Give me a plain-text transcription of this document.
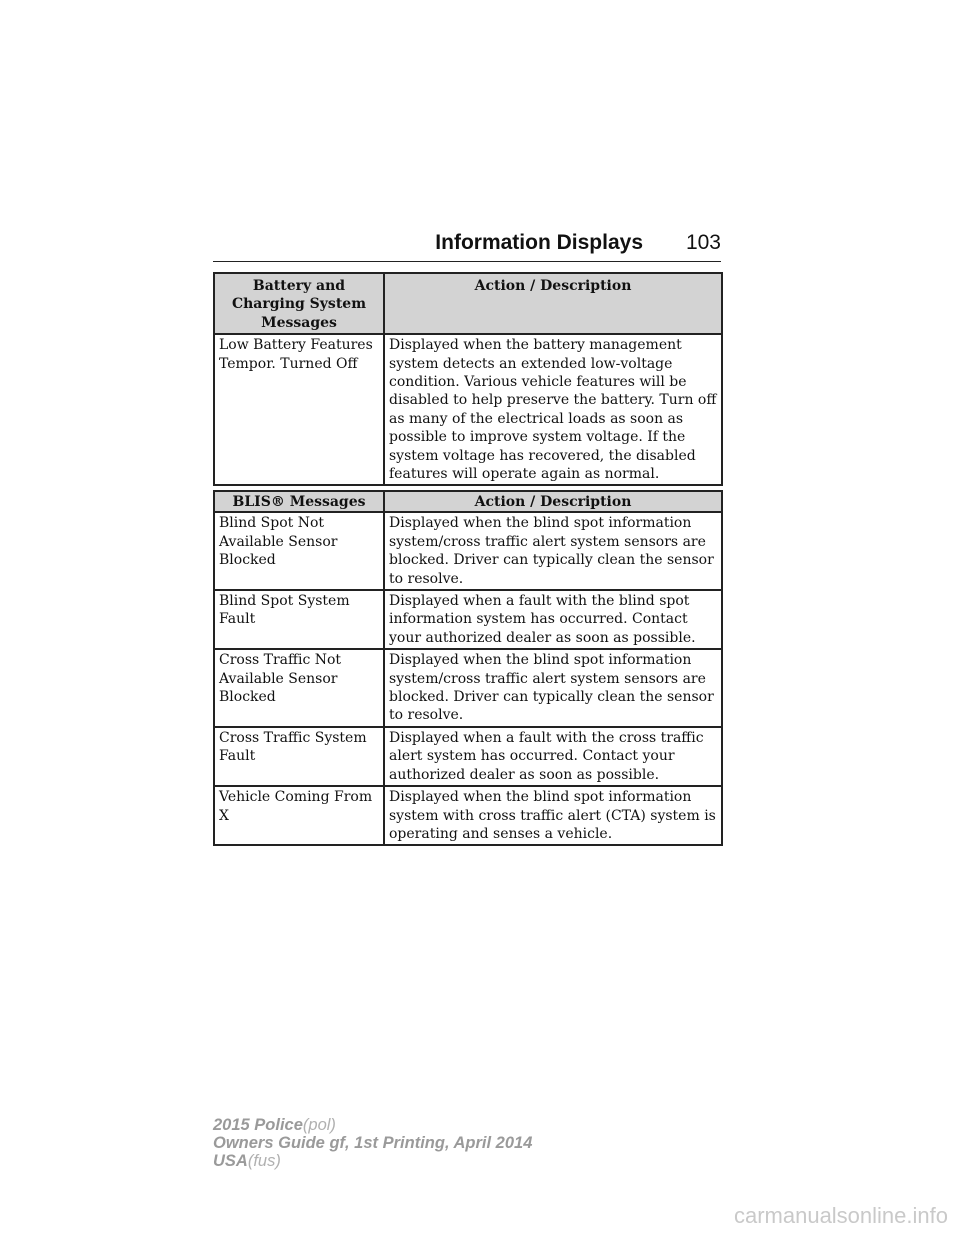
Information Displays 103
Battery and Charging System Messages	Action / Description
Low Battery Features Tempor. Turned Off	Displayed when the battery management system detects an extended low-voltage condition. Various vehicle features will be disabled to help preserve the battery. Turn off as many of the electrical loads as soon as possible to improve system voltage. If the system voltage has recovered, the disabled features will operate again as normal.
BLIS® Messages	Action / Description
Blind Spot Not Available Sensor Blocked	Displayed when the blind spot information system/cross traffic alert system sensors are blocked. Driver can typically clean the sensor to resolve.
Blind Spot System Fault	Displayed when a fault with the blind spot information system has occurred. Contact your authorized dealer as soon as possible.
Cross Traffic Not Available Sensor Blocked	Displayed when the blind spot information system/cross traffic alert system sensors are blocked. Driver can typically clean the sensor to resolve.
Cross Traffic System Fault	Displayed when a fault with the cross traffic alert system has occurred. Contact your authorized dealer as soon as possible.
Vehicle Coming From X	Displayed when the blind spot information system with cross traffic alert (CTA) system is operating and senses a vehicle.
2015 Police(pol)
Owners Guide gf, 1st Printing, April 2014
USA(fus)
carmanualsonline.info
